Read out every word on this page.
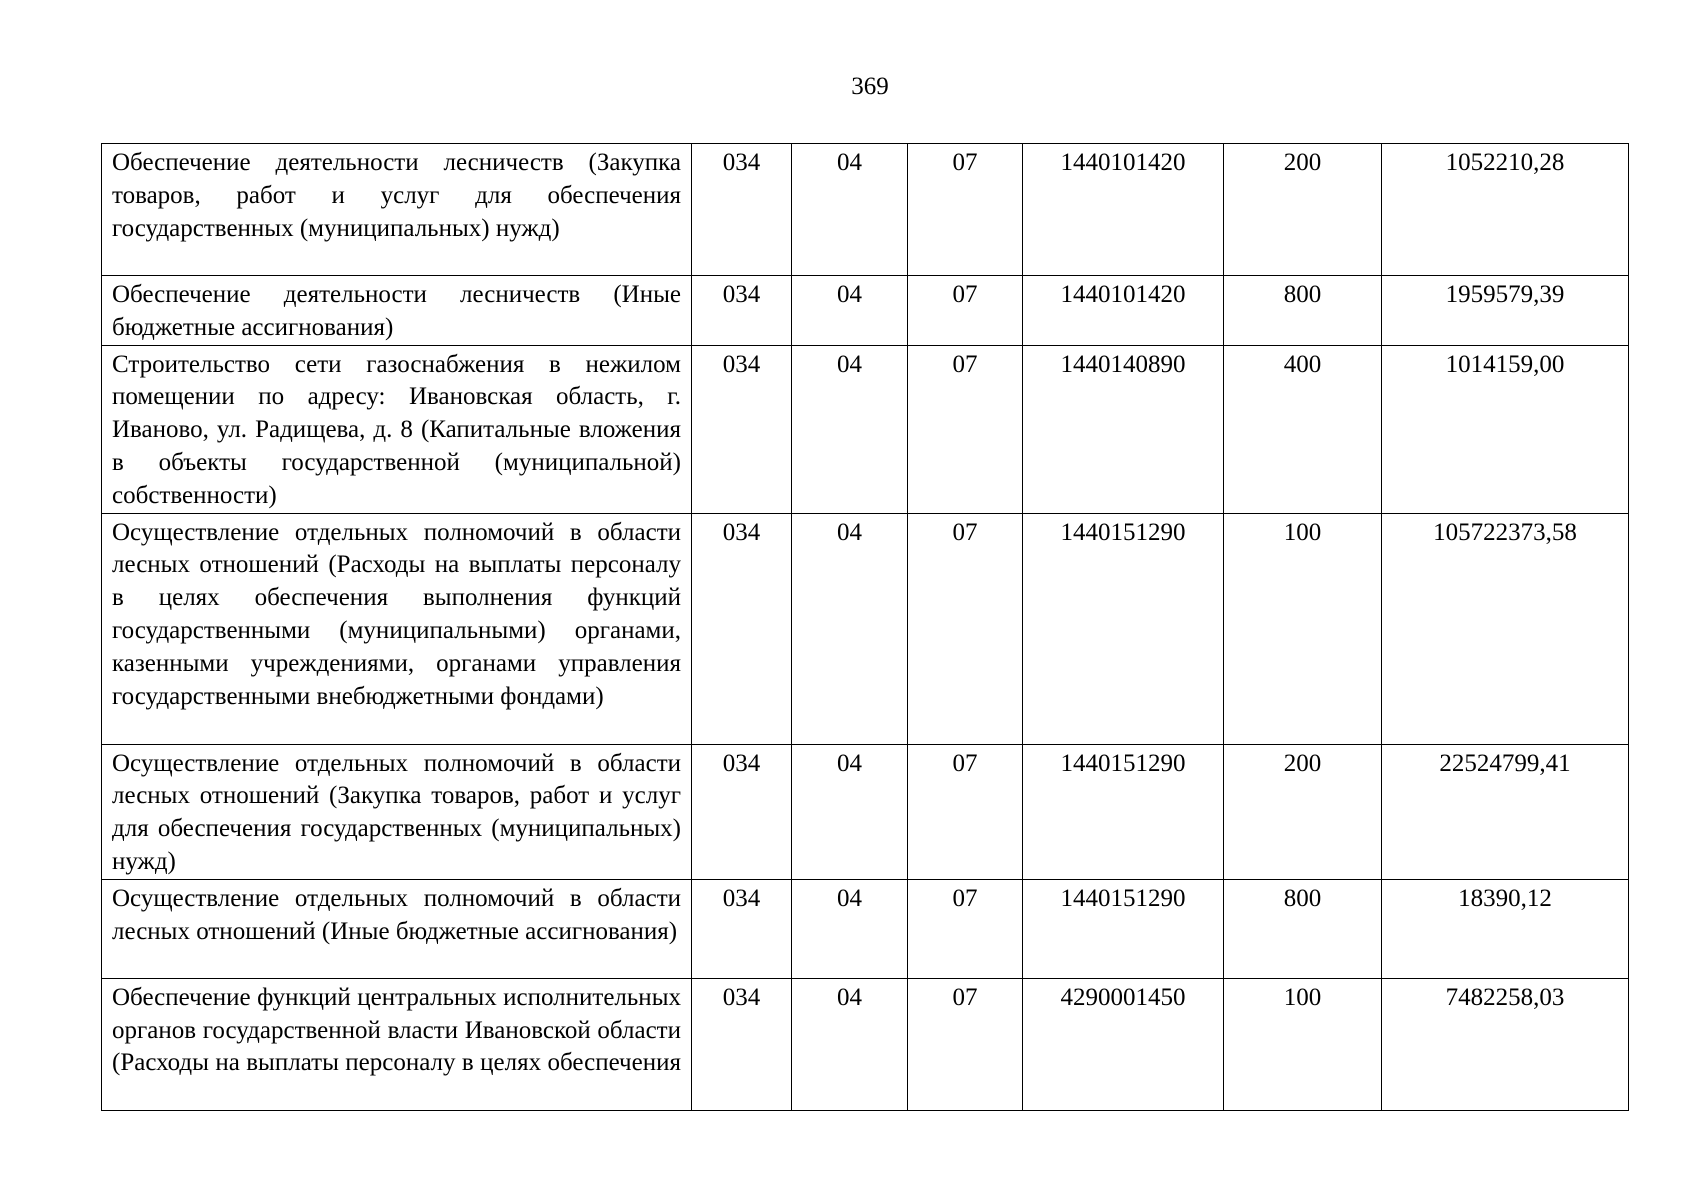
369
Обеспечение деятельности лесничеств (Закупка товаров, работ и услуг для обеспечения государственных (муниципальных) нужд)	034	04	07	1440101420	200	1052210,28
Обеспечение деятельности лесничеств (Иные бюджетные ассигнования)	034	04	07	1440101420	800	1959579,39
Строительство сети газоснабжения в нежилом помещении по адресу: Ивановская область, г. Иваново, ул. Радищева, д. 8 (Капитальные вложения в объекты государственной (муниципальной) собственности)	034	04	07	1440140890	400	1014159,00
Осуществление отдельных полномочий в области лесных отношений (Расходы на выплаты персоналу в целях обеспечения выполнения функций государственными (муниципальными) органами, казенными учреждениями, органами управления государственными внебюджетными фондами)	034	04	07	1440151290	100	105722373,58
Осуществление отдельных полномочий в области лесных отношений (Закупка товаров, работ и услуг для обеспечения государственных (муниципальных) нужд)	034	04	07	1440151290	200	22524799,41
Осуществление отдельных полномочий в области лесных отношений (Иные бюджетные ассигнования)	034	04	07	1440151290	800	18390,12
Обеспечение функций центральных исполнительных органов государственной власти Ивановской области (Расходы на выплаты персоналу в целях обеспечения	034	04	07	4290001450	100	7482258,03
